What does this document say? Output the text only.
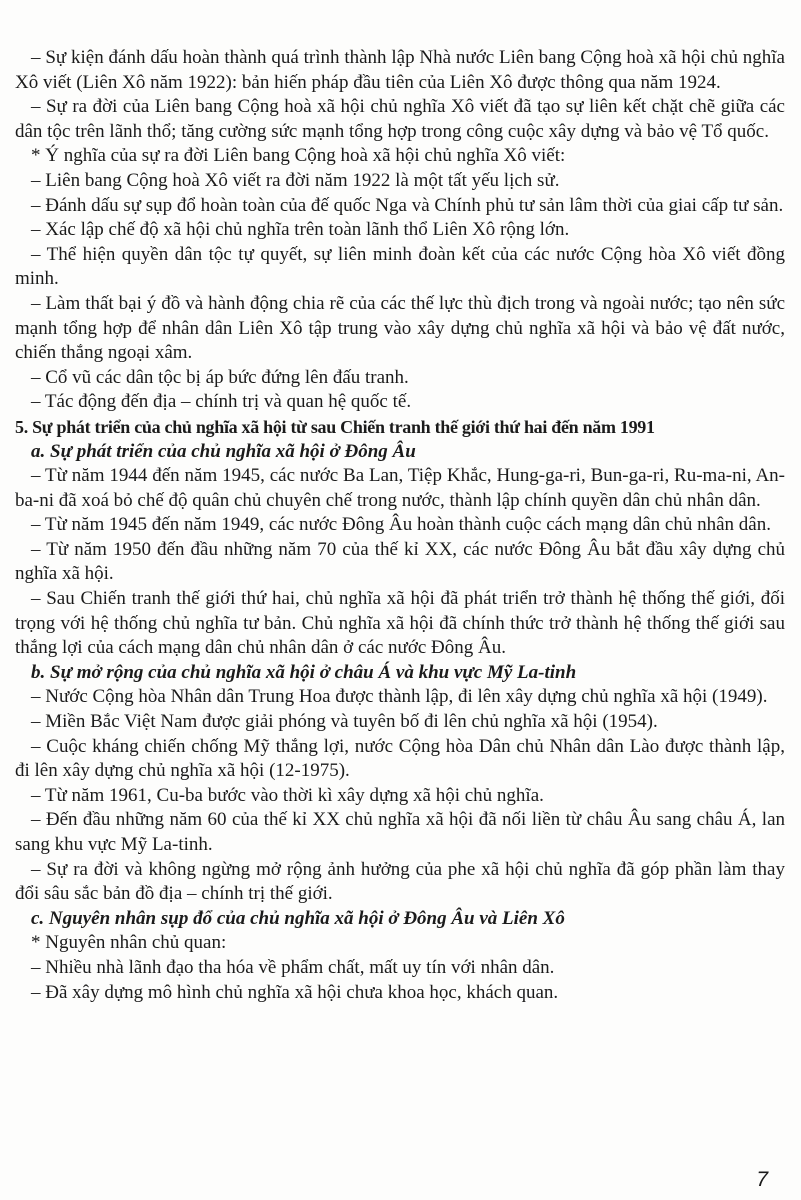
– Sự kiện đánh dấu hoàn thành quá trình thành lập Nhà nước Liên bang Cộng hoà xã hội chủ nghĩa Xô viết (Liên Xô năm 1922): bản hiến pháp đầu tiên của Liên Xô được thông qua năm 1924.

– Sự ra đời của Liên bang Cộng hoà xã hội chủ nghĩa Xô viết đã tạo sự liên kết chặt chẽ giữa các dân tộc trên lãnh thổ; tăng cường sức mạnh tổng hợp trong công cuộc xây dựng và bảo vệ Tổ quốc.

* Ý nghĩa của sự ra đời Liên bang Cộng hoà xã hội chủ nghĩa Xô viết:

– Liên bang Cộng hoà Xô viết ra đời năm 1922 là một tất yếu lịch sử.

– Đánh dấu sự sụp đổ hoàn toàn của đế quốc Nga và Chính phủ tư sản lâm thời của giai cấp tư sản.

– Xác lập chế độ xã hội chủ nghĩa trên toàn lãnh thổ Liên Xô rộng lớn.

– Thể hiện quyền dân tộc tự quyết, sự liên minh đoàn kết của các nước Cộng hòa Xô viết đồng minh.

– Làm thất bại ý đồ và hành động chia rẽ của các thế lực thù địch trong và ngoài nước; tạo nên sức mạnh tổng hợp để nhân dân Liên Xô tập trung vào xây dựng chủ nghĩa xã hội và bảo vệ đất nước, chiến thắng ngoại xâm.

– Cổ vũ các dân tộc bị áp bức đứng lên đấu tranh.

– Tác động đến địa – chính trị và quan hệ quốc tế.

5. Sự phát triển của chủ nghĩa xã hội từ sau Chiến tranh thế giới thứ hai đến năm 1991

a. Sự phát triển của chủ nghĩa xã hội ở Đông Âu

– Từ năm 1944 đến năm 1945, các nước Ba Lan, Tiệp Khắc, Hung-ga-ri, Bun-ga-ri, Ru-ma-ni, An-ba-ni đã xoá bỏ chế độ quân chủ chuyên chế trong nước, thành lập chính quyền dân chủ nhân dân.

– Từ năm 1945 đến năm 1949, các nước Đông Âu hoàn thành cuộc cách mạng dân chủ nhân dân.

– Từ năm 1950 đến đầu những năm 70 của thế kỉ XX, các nước Đông Âu bắt đầu xây dựng chủ nghĩa xã hội.

– Sau Chiến tranh thế giới thứ hai, chủ nghĩa xã hội đã phát triển trở thành hệ thống thế giới, đối trọng với hệ thống chủ nghĩa tư bản. Chủ nghĩa xã hội đã chính thức trở thành hệ thống thế giới sau thắng lợi của cách mạng dân chủ nhân dân ở các nước Đông Âu.

b. Sự mở rộng của chủ nghĩa xã hội ở châu Á và khu vực Mỹ La-tinh

– Nước Cộng hòa Nhân dân Trung Hoa được thành lập, đi lên xây dựng chủ nghĩa xã hội (1949).

– Miền Bắc Việt Nam được giải phóng và tuyên bố đi lên chủ nghĩa xã hội (1954).

– Cuộc kháng chiến chống Mỹ thắng lợi, nước Cộng hòa Dân chủ Nhân dân Lào được thành lập, đi lên xây dựng chủ nghĩa xã hội (12-1975).

– Từ năm 1961, Cu-ba bước vào thời kì xây dựng xã hội chủ nghĩa.

– Đến đầu những năm 60 của thế kỉ XX chủ nghĩa xã hội đã nối liền từ châu Âu sang châu Á, lan sang khu vực Mỹ La-tinh.

– Sự ra đời và không ngừng mở rộng ảnh hưởng của phe xã hội chủ nghĩa đã góp phần làm thay đổi sâu sắc bản đồ địa – chính trị thế giới.

c. Nguyên nhân sụp đổ của chủ nghĩa xã hội ở Đông Âu và Liên Xô

* Nguyên nhân chủ quan:

– Nhiều nhà lãnh đạo tha hóa về phẩm chất, mất uy tín với nhân dân.

– Đã xây dựng mô hình chủ nghĩa xã hội chưa khoa học, khách quan.

7
